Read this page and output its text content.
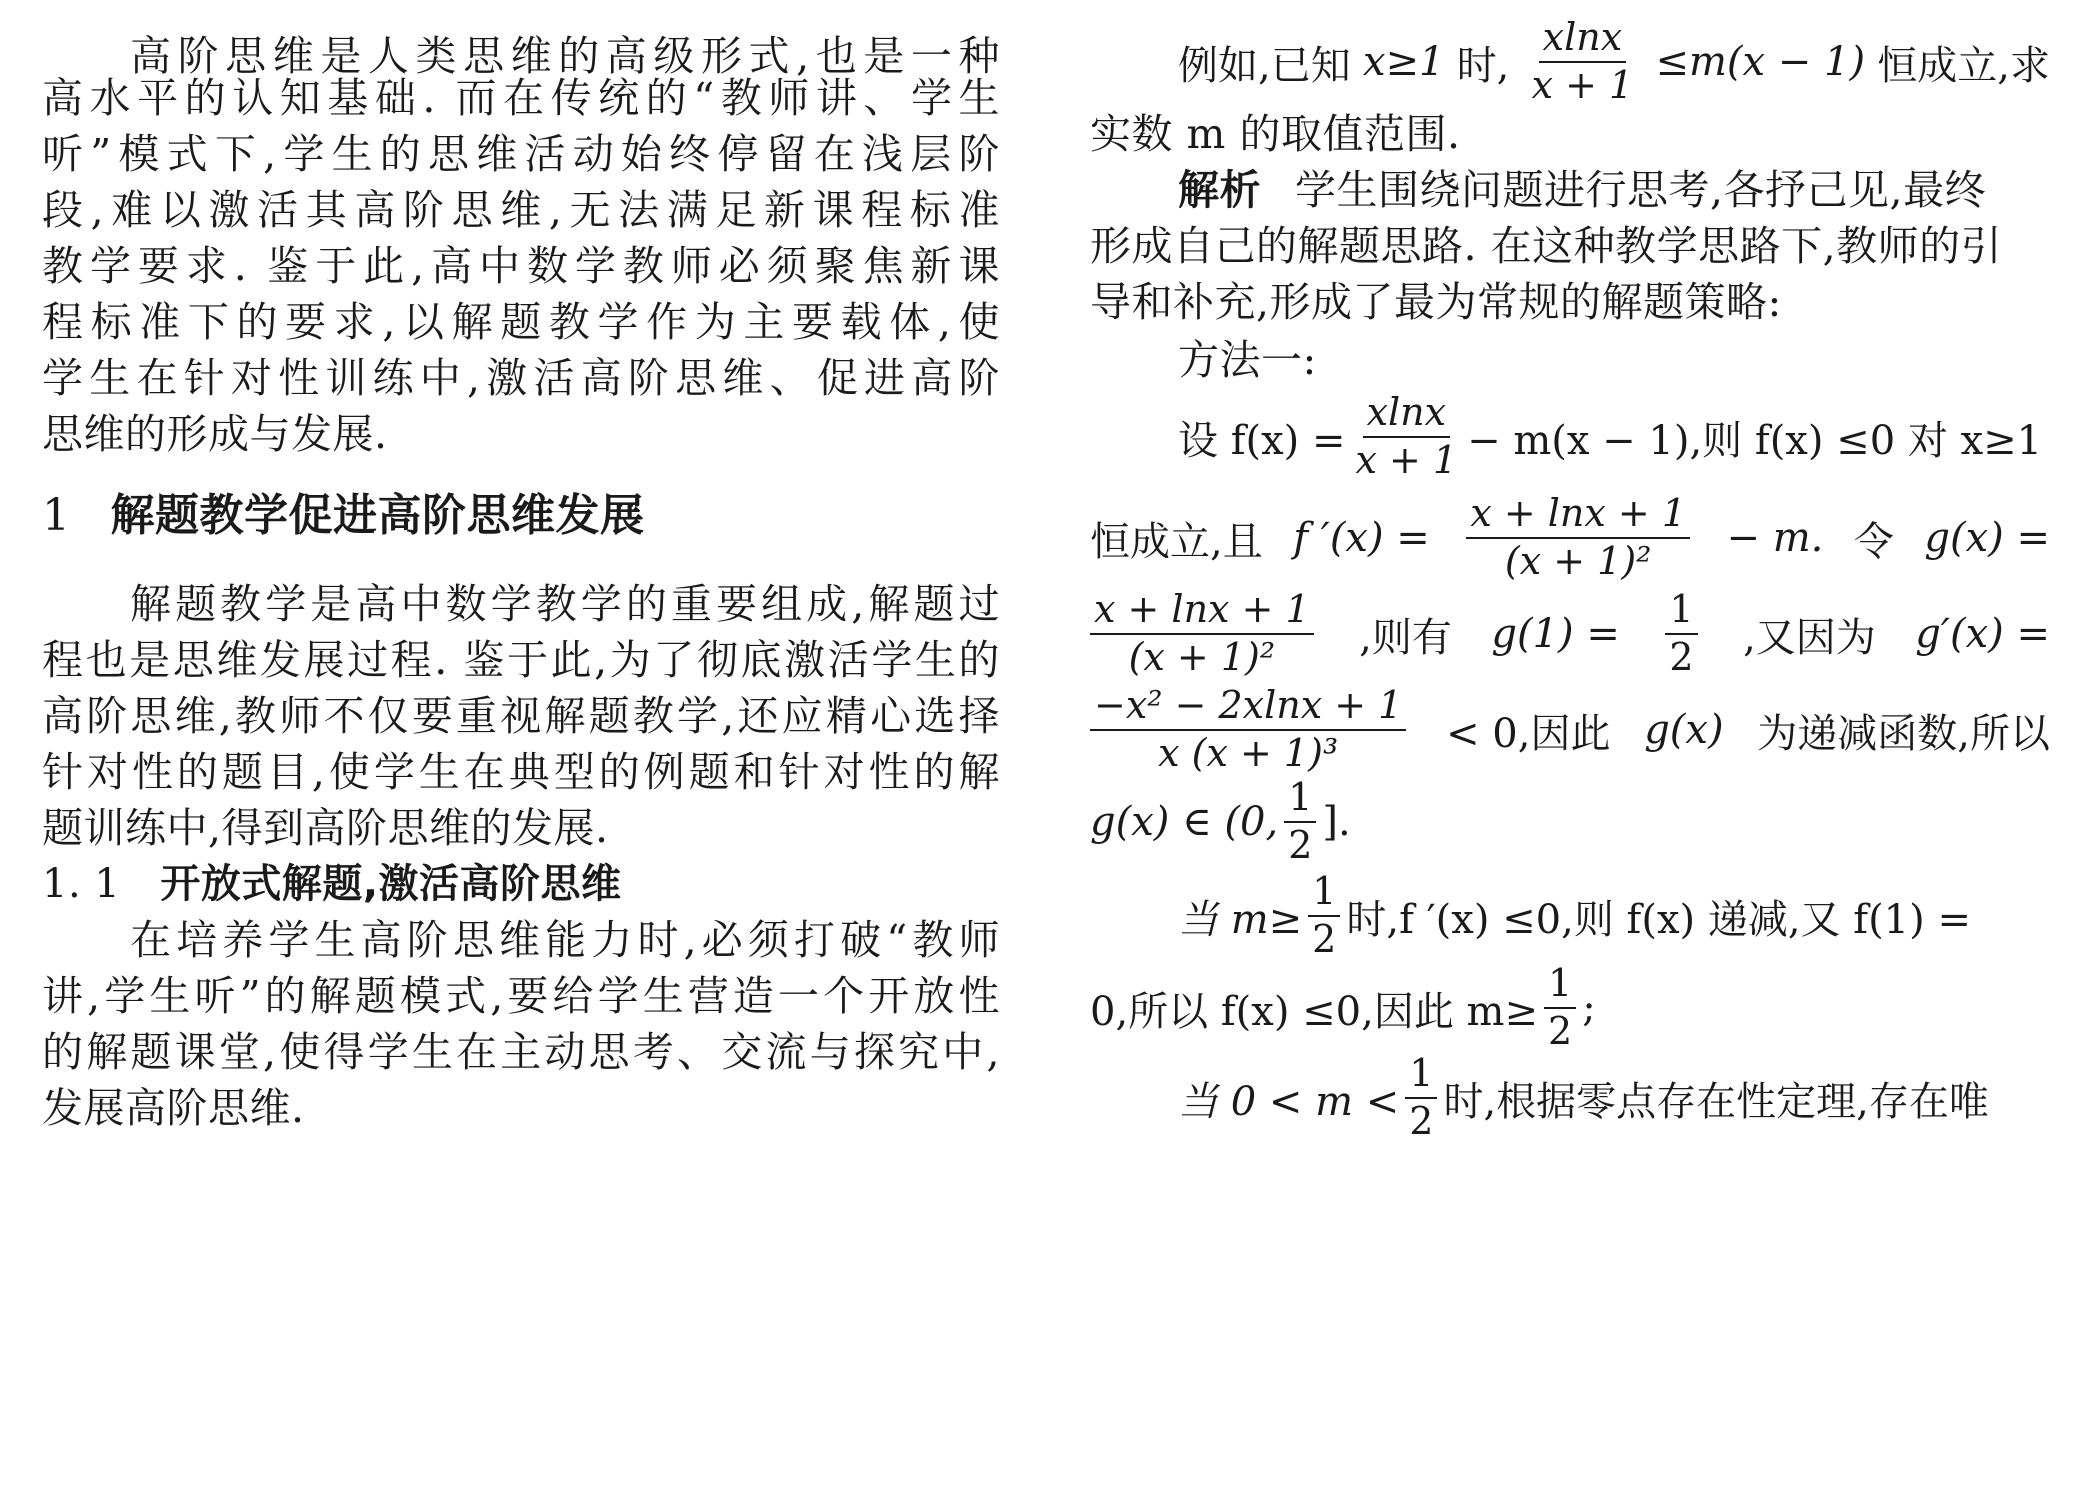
高阶思维是人类思维的高级形式,也是一种
高水平的认知基础. 而在传统的“教师讲、学生
听”模式下,学生的思维活动始终停留在浅层阶
段,难以激活其高阶思维,无法满足新课程标准
教学要求. 鉴于此,高中数学教师必须聚焦新课
程标准下的要求,以解题教学作为主要载体,使
学生在针对性训练中,激活高阶思维、促进高阶
思维的形成与发展.
1 解题教学促进高阶思维发展
解题教学是高中数学教学的重要组成,解题过
程也是思维发展过程. 鉴于此,为了彻底激活学生的
高阶思维,教师不仅要重视解题教学,还应精心选择
针对性的题目,使学生在典型的例题和针对性的解
题训练中,得到高阶思维的发展.
1. 1 开放式解题,激活高阶思维
在培养学生高阶思维能力时,必须打破“教师
讲,学生听”的解题模式,要给学生营造一个开放性
的解题课堂,使得学生在主动思考、交流与探究中,
发展高阶思维.
例如,已知 x≥1 时, $\frac{xlnx}{x + 1} \le m(x - 1)$ 恒成立,求
实数 m 的取值范围.
解析 学生围绕问题进行思考,各抒己见,最终
形成自己的解题思路. 在这种教学思路下,教师的引
导和补充,形成了最为常规的解题策略:
方法一:
设 $f(x) = \frac{xlnx}{x + 1} - m(x - 1)$,则 f(x) ≤0 对 x≥1
恒成立,且 f $'(x) = \frac{x + \ln x + 1}{\text{(x + 1)²}} - m$. 令 g(x) =
$\frac{x + \ln x + 1}{\text{(x + 1)²}}$ ,则有 $g(1) = \frac{1}{2}$ ,又因为 g′(x) =
$\frac{\text{−x² − 2xlnx + 1}}{\text{x (x + 1)³}} < 0$,因此 g(x) 为递减函数,所以
g(x) ∈ (0, $\frac{1}{2}$ ].
当 $m\ge \frac{1}{2}$ 时,f ′(x) ≤0,则 f(x) 递减,又 f(1) =
0,所以 f(x) ≤0,因此 $m\ge \frac{1}{2}$ ;
当 $0 < m < \frac{1}{2}$ 时,根据零点存在性定理,存在唯
